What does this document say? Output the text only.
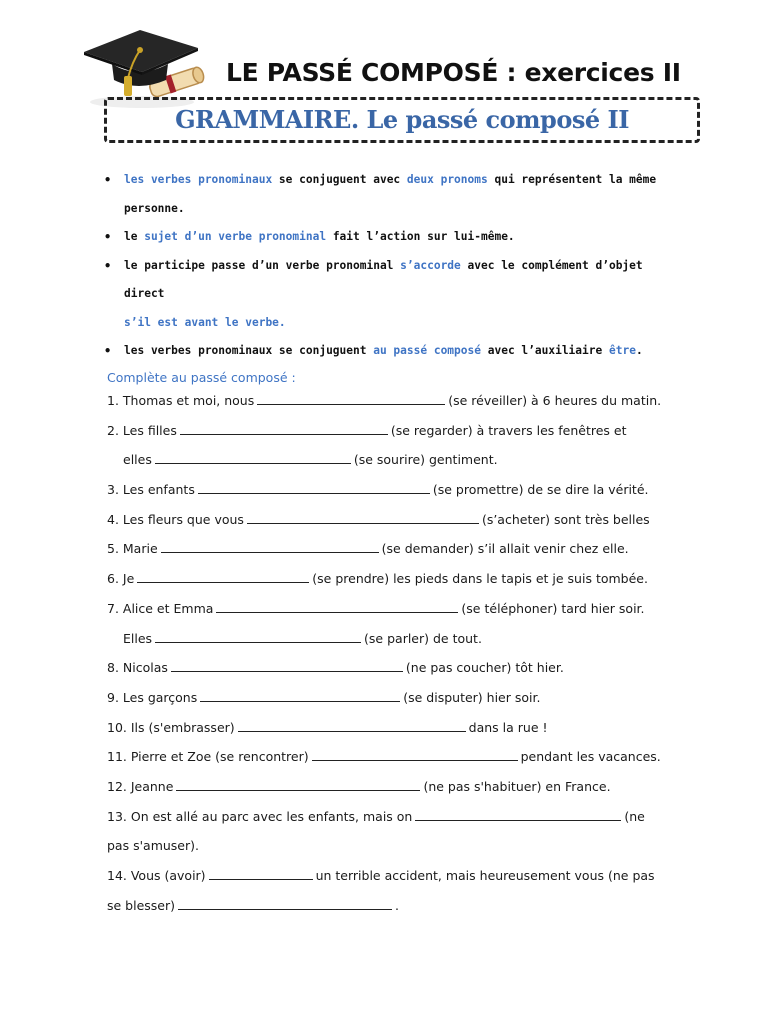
LE PASSÉ COMPOSÉ : exercices II
GRAMMAIRE. Le passé composé II
• les verbes pronominaux se conjuguent avec deux pronoms qui représentent la même
personne.
• le sujet d’un verbe pronominal fait l’action sur lui-même.
• le participe passe d’un verbe pronominal s’accorde avec le complément d’objet direct
s’il est avant le verbe.
• les verbes pronominaux se conjuguent au passé composé avec l’auxiliaire être.
Complète au passé composé :
1. Thomas et moi, nous	(se réveiller) à 6 heures du matin.
2. Les filles	(se regarder) à travers les fenêtres et
elles	(se sourire) gentiment.
3. Les enfants	(se promettre) de se dire la vérité.
4. Les fleurs que vous	(s’acheter) sont très belles
5. Marie	(se demander) s’il allait venir chez elle.
6. Je	(se prendre) les pieds dans le tapis et je suis tombée.
7. Alice et Emma	(se téléphoner) tard hier soir.
Elles	(se parler) de tout.
8. Nicolas	(ne pas coucher) tôt hier.
9. Les garçons	(se disputer) hier soir.
10. Ils (s'embrasser)	dans la rue !
11. Pierre et Zoe (se rencontrer)	pendant les vacances.
12. Jeanne	(ne pas s'habituer) en France.
13. On est allé au parc avec les enfants, mais on	(ne
pas s'amuser).
14. Vous (avoir)	un terrible accident, mais heureusement vous (ne pas
se blesser)	.
